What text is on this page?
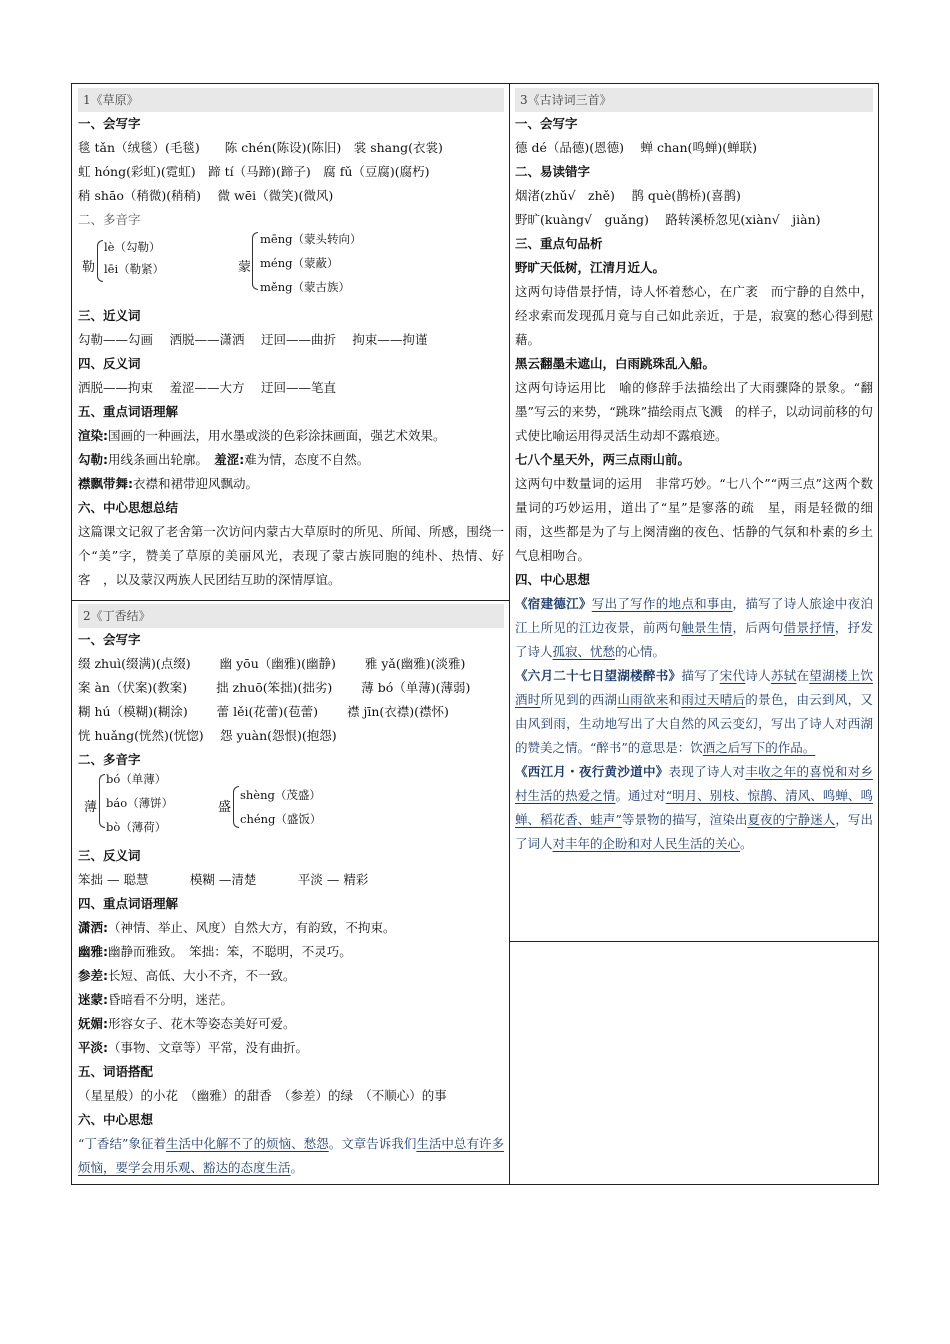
1《草原》

一、会写字

毯 tǎn（绒毯）(毛毯)　　陈 chén(陈设)(陈旧)　裳 shang(衣裳)

虹 hóng(彩虹)(霓虹)　蹄 tí（马蹄)(蹄子)　腐 fǔ（豆腐)(腐朽)

稍 shāo（稍微)(稍稍)　 微 wēi（微笑)(微风)

二、多音字

勒
lè（勾勒）
lēi（勒紧）	蒙
mēng（蒙头转向）
méng（蒙蔽）
měng（蒙古族）

三、近义词

勾勒——勾画　 洒脱——潇洒　 迂回——曲折　 拘束——拘谨

四、反义词

洒脱——拘束　 羞涩——大方　 迂回——笔直

五、重点词语理解

渲染:国画的一种画法，用水墨或淡的色彩涂抹画面，强艺术效果。

勾勒:用线条画出轮廓。　 羞涩:难为情，态度不自然。

襟飘带舞:衣襟和裙带迎风飘动。

六、中心思想总结

这篇课文记叙了老舍第一次访问内蒙古大草原时的所见、所闻、所感，围绕一个“美”字，赞美了草原的美丽风光，表现了蒙古族同胞的纯朴、热情、好客　，以及蒙汉两族人民团结互助的深情厚谊。

2《丁香结》

一、会写字

缀 zhuì(缀满)(点缀)　　 幽 yōu（幽雅)(幽静)　　 雅 yǎ(幽雅)(淡雅)

案 àn（伏案)(教案)　　 拙 zhuō(笨拙)(拙劣)　　 薄 bó（单薄)(薄弱)

糊 hú（模糊)(糊涂)　　 蕾 lěi(花蕾)(苞蕾)　　 襟 jīn(衣襟)(襟怀)

恍 huǎng(恍然)(恍惚)　 怨 yuàn(怨恨)(抱怨)

二、多音字

薄
bó（单薄）
báo（薄饼）
bò（薄荷）
盛
shèng（茂盛）
chéng（盛饭）

三、反义词

笨拙 — 聪慧　　　 模糊 —清楚　　　 平淡 — 精彩

四、重点词语理解

潇洒:（神情、举止、风度）自然大方，有韵致，不拘束。

幽雅:幽静而雅致。　笨拙：笨，不聪明，不灵巧。

参差:长短、高低、大小不齐，不一致。

迷蒙:昏暗看不分明，迷茫。

妩媚:形容女子、花木等姿态美好可爱。

平淡:（事物、文章等）平常，没有曲折。

五、词语搭配

（星星般）的小花　（幽雅）的甜香　（参差）的绿　（不顺心）的事

六、中心思想

“丁香结”象征着生活中化解不了的烦恼、愁怨。文章告诉我们生活中总有许多烦恼，要学会用乐观、豁达的态度生活。

3《古诗词三首》

一、会写字

德 dé（品德)(恩德)　 蝉 chan(鸣蝉)(蝉联)

二、易读错字

烟渚(zhǔ√　zhě)　 鹊 què(鹊桥)(喜鹊)

野旷(kuàng√　guǎng)　 路转溪桥忽见(xiàn√　jiàn)

三、重点句品析

野旷天低树，江清月近人。

这两句诗借景抒情，诗人怀着愁心，在广袤　而宁静的自然中，经求索而发现孤月竟与自己如此亲近，于是，寂寞的愁心得到慰藉。

黑云翻墨未遮山，白雨跳珠乱入船。

这两句诗运用比　喻的修辞手法描绘出了大雨骤降的景象。“翻墨”写云的来势，“跳珠”描绘雨点飞溅　的样子，以动词前移的句式使比喻运用得灵活生动却不露痕迹。

七八个星天外，两三点雨山前。

这两句中数量词的运用　非常巧妙。“七八个”“两三点”这两个数量词的巧妙运用，道出了“星”是寥落的疏　星，雨是轻微的细雨，这些都是为了与上阕清幽的夜色、恬静的气氛和朴素的乡土气息相吻合。

四、中心思想

《宿建德江》写出了写作的地点和事由，描写了诗人旅途中夜泊江上所见的江边夜景，前两句触景生情，后两句借景抒情，抒发了诗人孤寂、忧愁的心情。

《六月二十七日望湖楼醉书》描写了宋代诗人苏轼在望湖楼上饮酒时所见到的西湖山雨欲来和雨过天晴后的景色，由云到风，又由风到雨，生动地写出了大自然的风云变幻，写出了诗人对西湖的赞美之情。“醉书”的意思是：饮酒之后写下的作品。

《西江月・夜行黄沙道中》表现了诗人对丰收之年的喜悦和对乡村生活的热爱之情。通过对“明月、别枝、惊鹊、清风、鸣蝉、鸣蝉、稻花香、蛙声”等景物的描写，渲染出夏夜的宁静迷人，写出了词人对丰年的企盼和对人民生活的关心。
